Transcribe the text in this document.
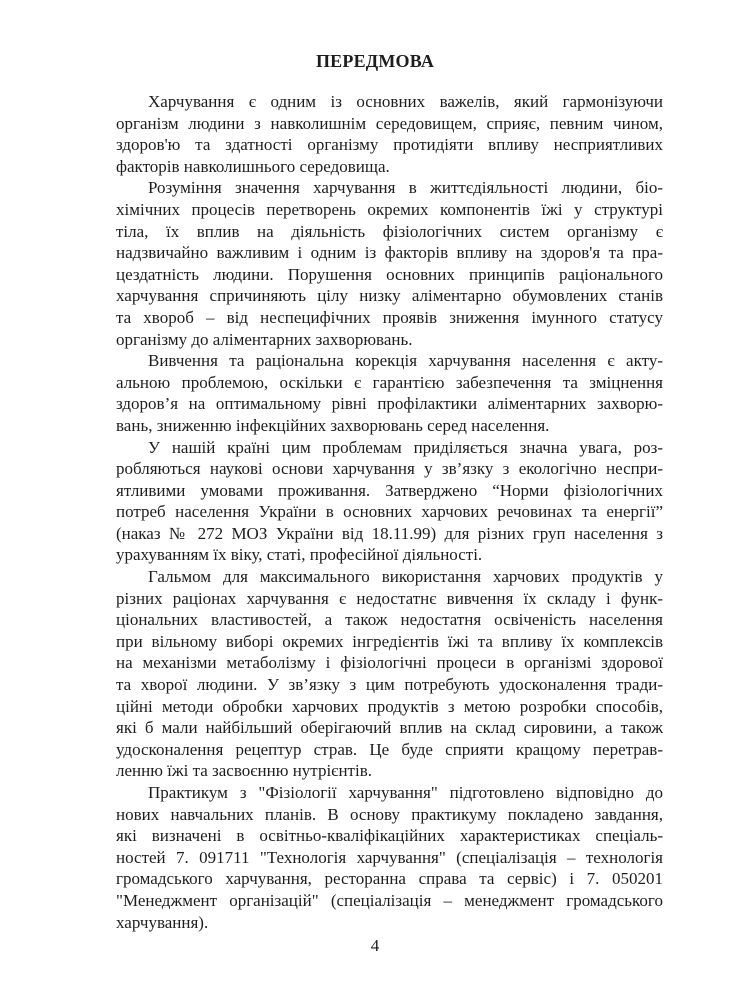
ПЕРЕДМОВА
Харчування є одним із основних важелів, який гармонізуючи
організм людини з навколишнім середовищем, сприяє, певним чином,
здоров'ю та здатності організму протидіяти впливу несприятливих
факторів навколишнього середовища.
Розуміння значення харчування в життєдіяльності людини, біо-
хімічних процесів перетворень окремих компонентів їжі у структурі
тіла, їх вплив на діяльність фізіологічних систем організму є
надзвичайно важливим і одним із факторів впливу на здоров'я та пра-
цездатність людини. Порушення основних принципів раціонального
харчування спричиняють цілу низку аліментарно обумовлених станів
та хвороб – від неспецифічних проявів зниження імунного статусу
організму до аліментарних захворювань.
Вивчення та раціональна корекція харчування населення є акту-
альною проблемою, оскільки є гарантією забезпечення та зміцнення
здоров’я на оптимальному рівні профілактики аліментарних захворю-
вань, зниженню інфекційних захворювань серед населення.
У нашій країні цим проблемам приділяється значна увага, роз-
робляються наукові основи харчування у зв’язку з екологічно неспри-
ятливими умовами проживання. Затверджено “Норми фізіологічних
потреб населення України в основних харчових речовинах та енергії”
(наказ № 272 МОЗ України від 18.11.99) для різних груп населення з
урахуванням їх віку, статі, професійної діяльності.
Гальмом для максимального використання харчових продуктів у
різних раціонах харчування є недостатнє вивчення їх складу і функ-
ціональних властивостей, а також недостатня освіченість населення
при вільному виборі окремих інгредієнтів їжі та впливу їх комплексів
на механізми метаболізму і фізіологічні процеси в організмі здорової
та хворої людини. У зв’язку з цим потребують удосконалення тради-
ційні методи обробки харчових продуктів з метою розробки способів,
які б мали найбільший оберігаючий вплив на склад сировини, а також
удосконалення рецептур страв. Це буде сприяти кращому перетрав-
ленню їжі та засвоєнню нутрієнтів.
Практикум з "Фізіології харчування" підготовлено відповідно до
нових навчальних планів. В основу практикуму покладено завдання,
які визначені в освітньо-кваліфікаційних характеристиках спеціаль-
ностей 7. 091711 "Технологія харчування" (спеціалізація – технологія
громадського харчування, ресторанна справа та сервіс) і 7. 050201
"Менеджмент організацій" (спеціалізація – менеджмент громадського
харчування).
4
